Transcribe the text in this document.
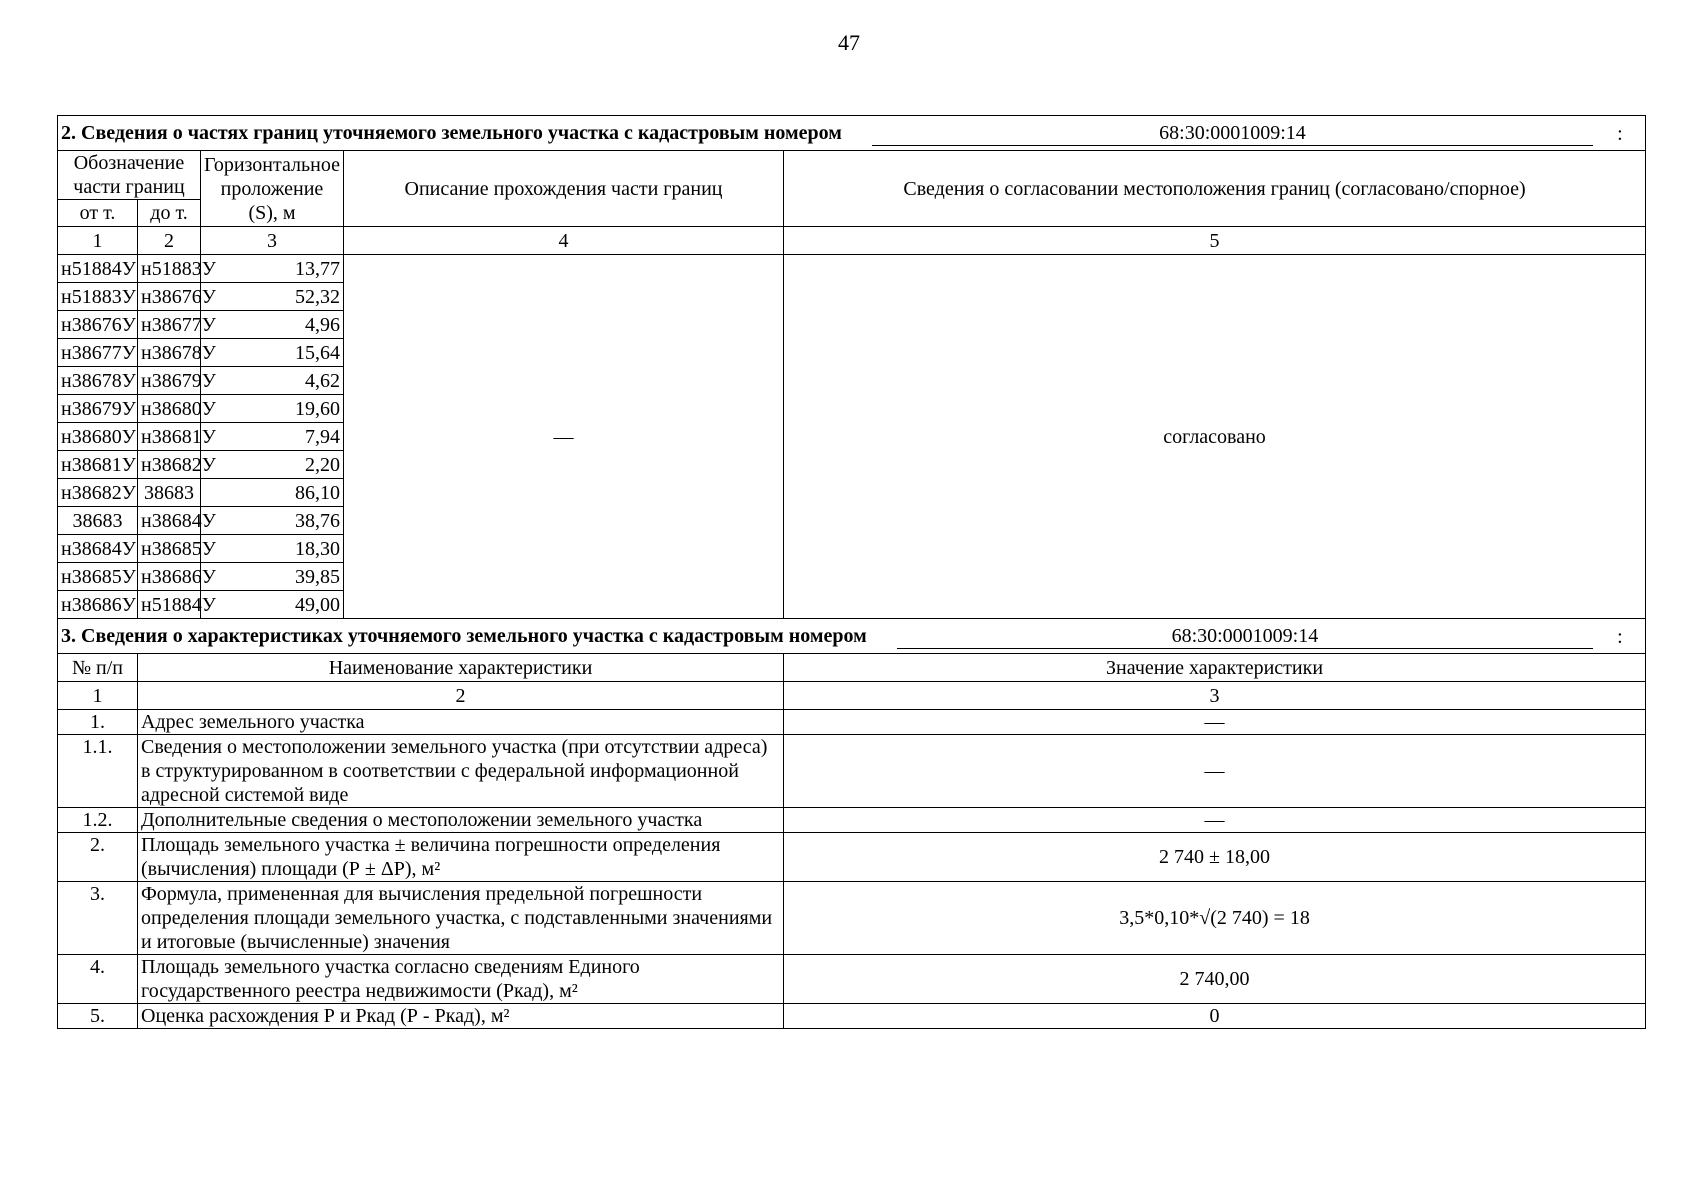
47
2. Сведения о частях границ уточняемого земельного участка с кадастровым номером 68:30:0001009:14 :				

Обозначение части границ		Горизонтальное проложение (S), м	Описание прохождения части границ	Сведения о согласовании местоположения границ (согласовано/спорное)
от т.	до т.			
1	2	3	4	5
н51884У	н51883У	13,77	—	согласовано
н51883У	н38676У	52,32		
н38676У	н38677У	4,96		
н38677У	н38678У	15,64		
н38678У	н38679У	4,62		
н38679У	н38680У	19,60		
н38680У	н38681У	7,94		
н38681У	н38682У	2,20		
н38682У	38683	86,10		
38683	н38684У	38,76		
н38684У	н38685У	18,30		
н38685У	н38686У	39,85		
н38686У	н51884У	49,00		

3. Сведения о характеристиках уточняемого земельного участка с кадастровым номером 68:30:0001009:14 :				

№ п/п	Наименование характеристики			Значение характеристики
1	2			3
1.	Адрес земельного участка			—
1.1.	Сведения о местоположении земельного участка (при отсутствии адреса) в структурированном в соответствии с федеральной информационной адресной системой виде			—
1.2.	Дополнительные сведения о местоположении земельного участка			—
2.	Площадь земельного участка ± величина погрешности определения (вычисления) площади (Р ± ΔР), м²			2 740 ± 18,00
3.	Формула, примененная для вычисления предельной погрешности определения площади земельного участка, с подставленными значениями и итоговые (вычисленные) значения			3,5*0,10*√(2 740) = 18
4.	Площадь земельного участка согласно сведениям Единого государственного реестра недвижимости (Ркад), м²			2 740,00
5.	Оценка расхождения Р и Ркад (Р - Ркад), м²			0
